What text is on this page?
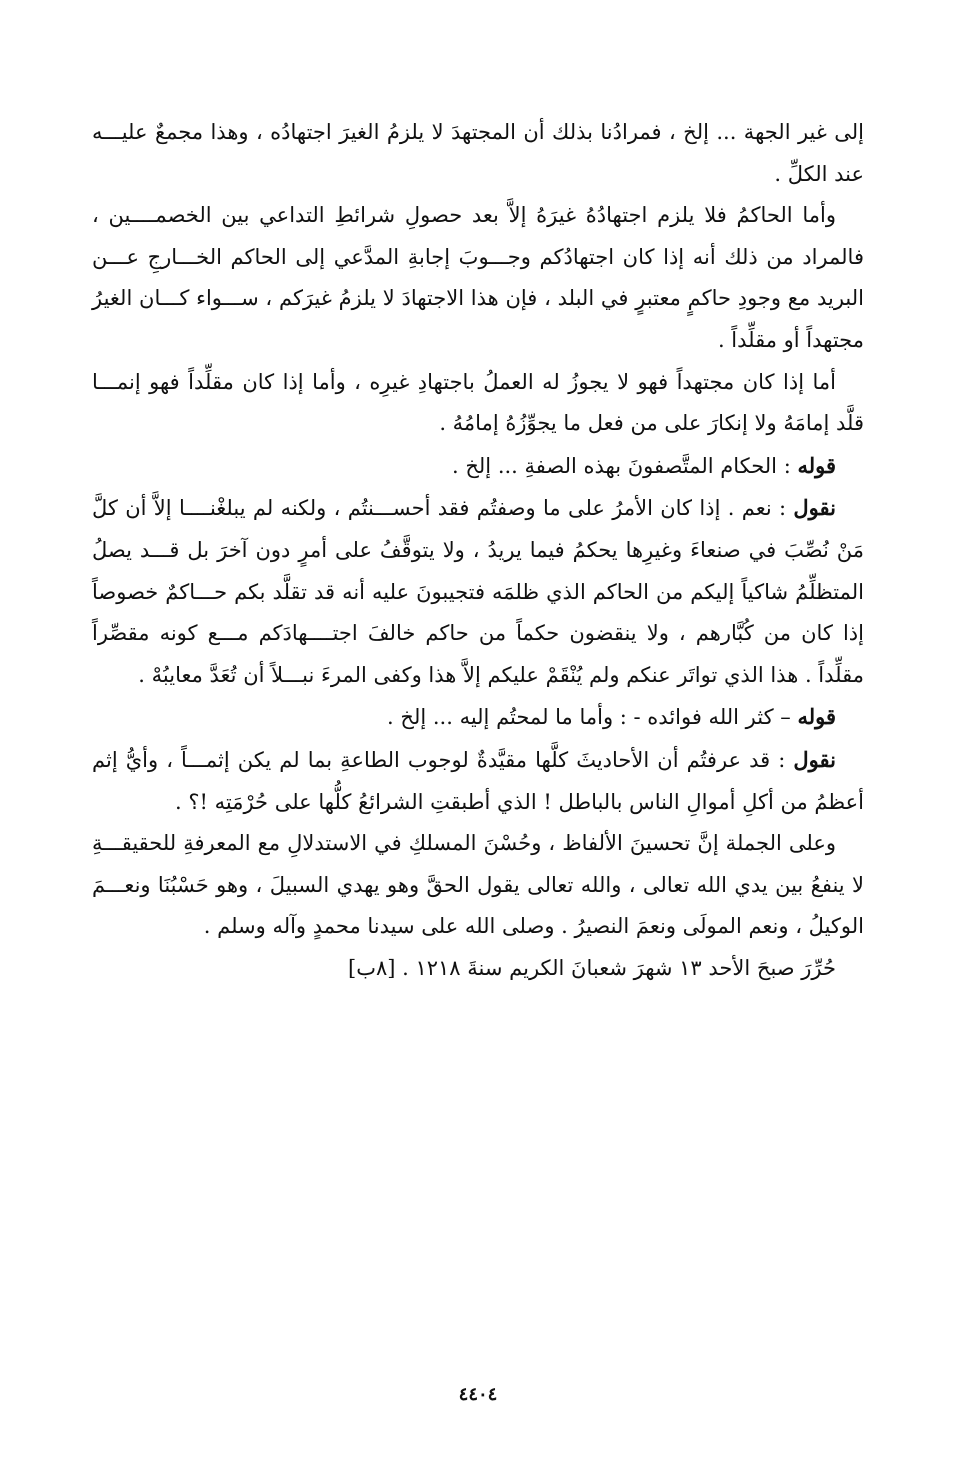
إلى غير الجهة ... إلخ ، فمرادُنا بذلك أن المجتهدَ لا يلزمُ الغيرَ اجتهادُه ، وهذا مجمعٌ عليـــه عند الكلِّ .

وأما الحاكمُ فلا يلزم اجتهادُهُ غيرَهُ إلاَّ بعد حصولِ شرائطِ التداعي بين الخصمــــين ، فالمراد من ذلك أنه إذا كان اجتهادُكم وجـــوبَ إجابةِ المدَّعي إلى الحاكم الخـــارجِ عـــن البريد مع وجودِ حاكمٍ معتبرٍ في البلد ، فإن هذا الاجتهادَ لا يلزمُ غيرَكم ، ســـواء كـــان الغيرُ مجتهداً أو مقلِّداً .

أما إذا كان مجتهداً فهو لا يجوزُ له العملُ باجتهادِ غيرِه ، وأما إذا كان مقلِّداً فهو إنمـــا قلَّد إمامَهُ ولا إنكارَ على من فعل ما يجوِّزُهُ إمامُهُ .

قوله : الحكام المتَّصفونَ بهذه الصفةِ ... إلخ .

نقول : نعم . إذا كان الأمرُ على ما وصفتُم فقد أحســـنتُم ، ولكنه لم يبلغْنــــا إلاَّ أن كلَّ مَنْ نُصِّبَ في صنعاءَ وغيرِها يحكمُ فيما يريدُ ، ولا يتوقَّفُ على أمرٍ دون آخرَ بل قـــد يصلُ المتظلِّمُ شاكياً إليكم من الحاكم الذي ظلمَه فتجيبونَ عليه أنه قد تقلَّد بكم حـــاكمٌ خصوصاً إذا كان من كُبَّارهم ، ولا ينقضون حكماً من حاكم خالفَ اجتــــهادَكم مـــع كونه مقصِّراً مقلِّداً . هذا الذي تواتَر عنكم ولم يُنْقَمْ عليكم إلاَّ هذا وكفى المرءَ نبـــلاً أن تُعَدَّ معايبُهْ .

قوله – كثر الله فوائده - : وأما ما لمحتُم إليه ... إلخ .

نقول : قد عرفتُم أن الأحاديثَ كلَّها مقيَّدةٌ لوجوب الطاعةِ بما لم يكن إثمـــاً ، وأيُّ إثم أعظمُ من أكلِ أموالِ الناس بالباطل ! الذي أطبقتِ الشرائعُ كلُّها على حُرْمَتِه !؟ .

وعلى الجملة إنَّ تحسينَ الألفاظ ، وحُسْنَ المسلكِ في الاستدلالِ مع المعرفةِ للحقيقـــةِ لا ينفعُ بين يدي الله تعالى ، والله تعالى يقول الحقَّ وهو يهدي السبيلَ ، وهو حَسْبُنَا ونعـــمَ الوكيلُ ، ونعم المولَى ونعمَ النصيرُ . وصلى الله على سيدنا محمدٍ وآله وسلم .

حُرِّرَ صبحَ الأحد ١٣ شهرَ شعبانَ الكريم سنةَ ١٢١٨ . [٨ب]

٤٤٠٤
